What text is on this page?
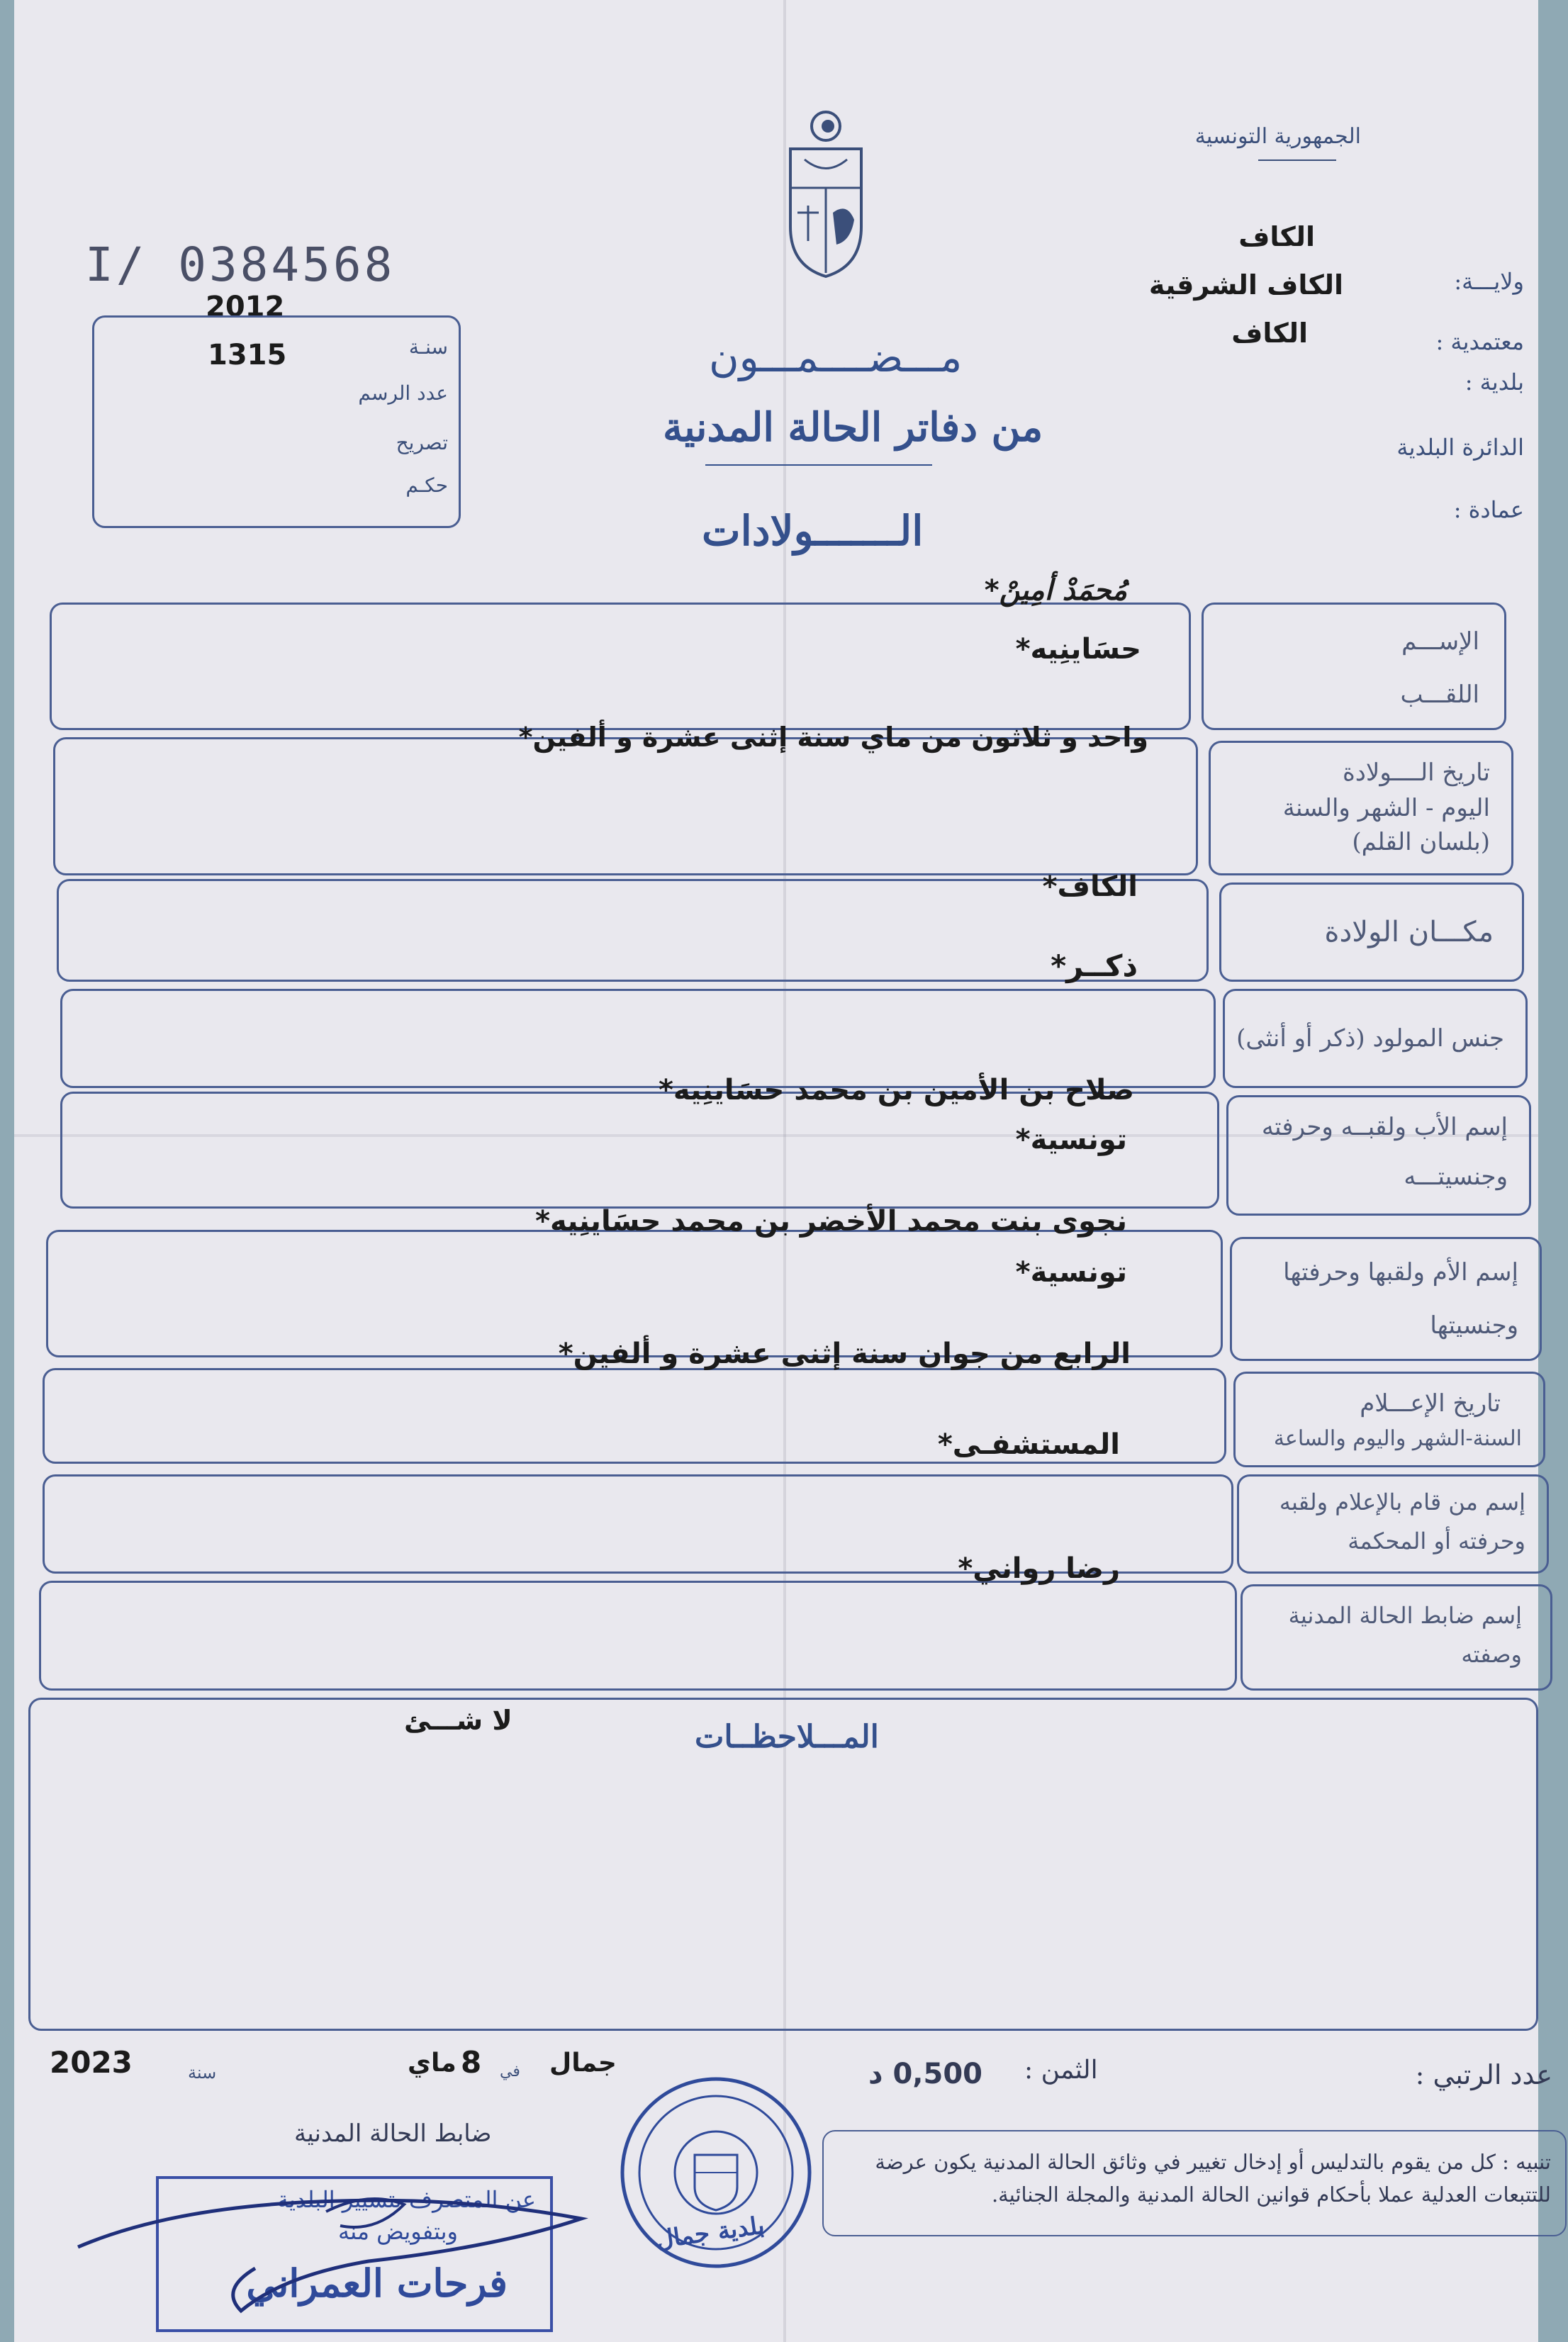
الجمهورية التونسية
الكاف
ولايـــة:
الكاف الشرقية
معتمدية :
الكاف
بلدية :
الدائرة البلدية
عمادة :
I/ 0384568
2012
سنـة
1315
عدد الرسم
تصريح
حكـم
مـــضــــمـــون
من دفاتر الحالة المدنية
الـــــــولادات
الإســـم
اللقـــب
مُحمَدْ أمِينْ*
حسَاينِيه*
تاريخ الــــولادة
اليوم - الشهر والسنة
(بلسان القلم)
واحد و ثلاثون من ماي سنة إثنى عشرة و ألفين*
مكـــان الولادة
الكاف*
جنس المولود (ذكر أو أنثى)
ذكــر*
إسم الأب ولقبــه وحرفته
وجنسيتـــه
صلاح بن الأمين بن محمد حسَاينِيه*
تونسية*
إسم الأم ولقبها وحرفتها
وجنسيتها
نجوى بنت محمد الأخضر بن محمد حسَاينِيه*
تونسية*
تاريخ الإعـــلام
السنة-الشهر واليوم والساعة
الرابع من جوان سنة إثنى عشرة و ألفين*
إسم من قام بالإعلام ولقبه
وحرفته أو المحكمة
المستشفـى*
إسم ضابط الحالة المدنية
وصفته
رضا رواني*
المـــلاحظــات
لا شـــئ
عدد الرتبي :
الثمن :
0,500 د
جمال
في
8
ماي
سنة
2023
ضابط الحالة المدنية
تنبيه : كل من يقوم بالتدليس أو إدخال تغيير في وثائق الحالة المدنية يكون عرضة للتتبعات العدلية عملا بأحكام قوانين الحالة المدنية والمجلة الجنائية.
بلدية جمال
عن المتصرف بتسيير البلدية
وبتفويض منه
فرحات العمراني
